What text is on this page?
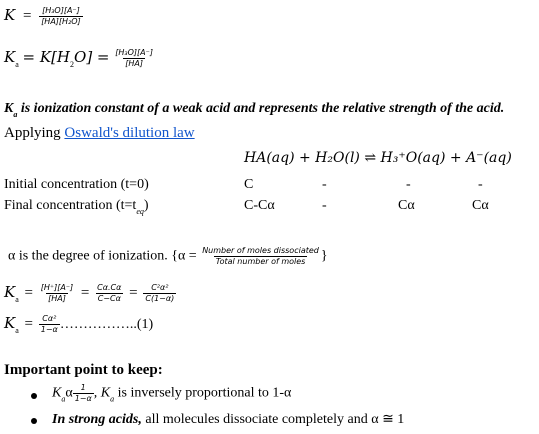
$K = \frac{\text{[H₃O][A⁻]}}{\text{[HA][H₂O]}}$
$K_a = K[H_2O] = \frac{\text{[H₃O][A⁻]}}{[HA]}$
$K_a$ is ionization constant of a weak acid and represents the relative strength of the acid.
Applying Oswald's dilution law
HA(aq) + H₂O(l) ⇌ H₃⁺O(aq) + A⁻(aq)
Initial concentration (t=0)	C	-	-	-
Final concentration $(t=t_{eq})$	C-Cα	-	Cα	Cα
α is the degree of ionization. {$\alpha = \frac{\text{Number of moles dissociated}}{\text{Total number of moles}}$ }
$K_a = \frac{[H^+][A^-]}{[HA]} = \frac{C\alpha.C\alpha}{C-C\alpha} = \frac{\text{C²α²}}{C(1-\alpha)}$
$K_a = \frac{\text{Cα²}}{1-\alpha}$ ……………..(1)
Important point to keep:
$K_a\alpha \frac{1}{1-\alpha}$ , $K_a$ is inversely proportional to 1-α
In strong acids, all molecules dissociate completely and α ≅ 1
